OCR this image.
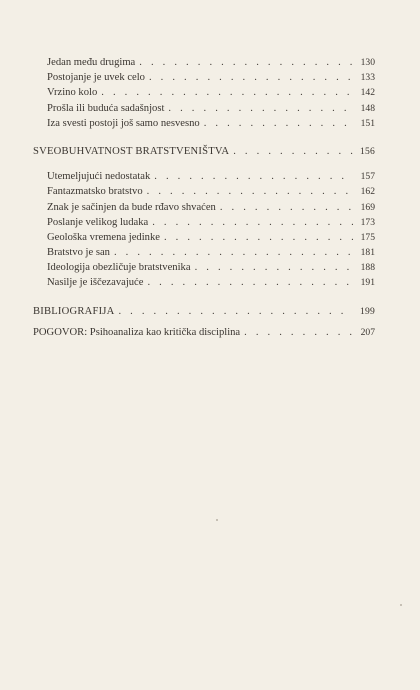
Jedan među drugima . . .	130
Postojanje je uvek celo . . .	133
Vrzino kolo . . .	142
Prošla ili buduća sadašnjost . . .	148
Iza svesti postoji još samo nesvesno . . .	151
SVEOBUHVATNOST BRATSTVENIŠTVA . . .	156
Utemeljujući nedostatak . . .	157
Fantazmatsko bratstvo . . .	162
Znak je sačinjen da bude rđavo shvaćen . . .	169
Poslanje velikog ludaka . . .	173
Geološka vremena jedinke . . .	175
Bratstvo je san . . .	181
Ideologija obezličuje bratstvenika . . .	188
Nasilje je iščezavajuće . . .	191
BIBLIOGRAFIJA . . .	199
POGOVOR: Psihoanaliza kao kritička disciplina . . .	207
